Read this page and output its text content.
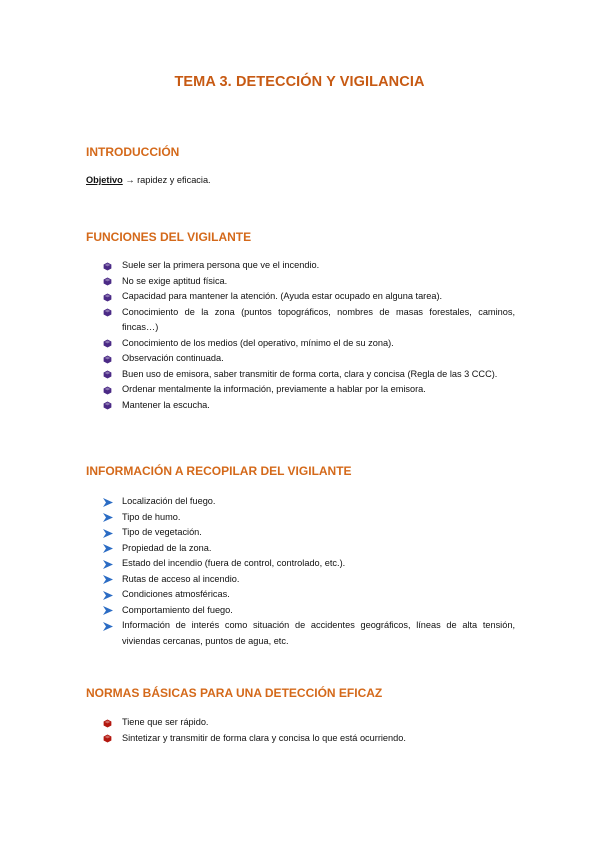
TEMA 3. DETECCIÓN Y VIGILANCIA
INTRODUCCIÓN
Objetivo → rapidez y eficacia.
FUNCIONES DEL VIGILANTE
Suele ser la primera persona que ve el incendio.
No se exige aptitud física.
Capacidad para mantener la atención. (Ayuda estar ocupado en alguna tarea).
Conocimiento de la zona (puntos topográficos, nombres de masas forestales, caminos, fincas…)
Conocimiento de los medios (del operativo, mínimo el de su zona).
Observación continuada.
Buen uso de emisora, saber transmitir de forma corta, clara y concisa (Regla de las 3 CCC).
Ordenar mentalmente la información, previamente a hablar por la emisora.
Mantener la escucha.
INFORMACIÓN A RECOPILAR DEL VIGILANTE
Localización del fuego.
Tipo de humo.
Tipo de vegetación.
Propiedad de la zona.
Estado del incendio (fuera de control, controlado, etc.).
Rutas de acceso al incendio.
Condiciones atmosféricas.
Comportamiento del fuego.
Información de interés como situación de accidentes geográficos, líneas de alta tensión, viviendas cercanas, puntos de agua, etc.
NORMAS BÁSICAS PARA UNA DETECCIÓN EFICAZ
Tiene que ser rápido.
Sintetizar y transmitir de forma clara y concisa lo que está ocurriendo.
